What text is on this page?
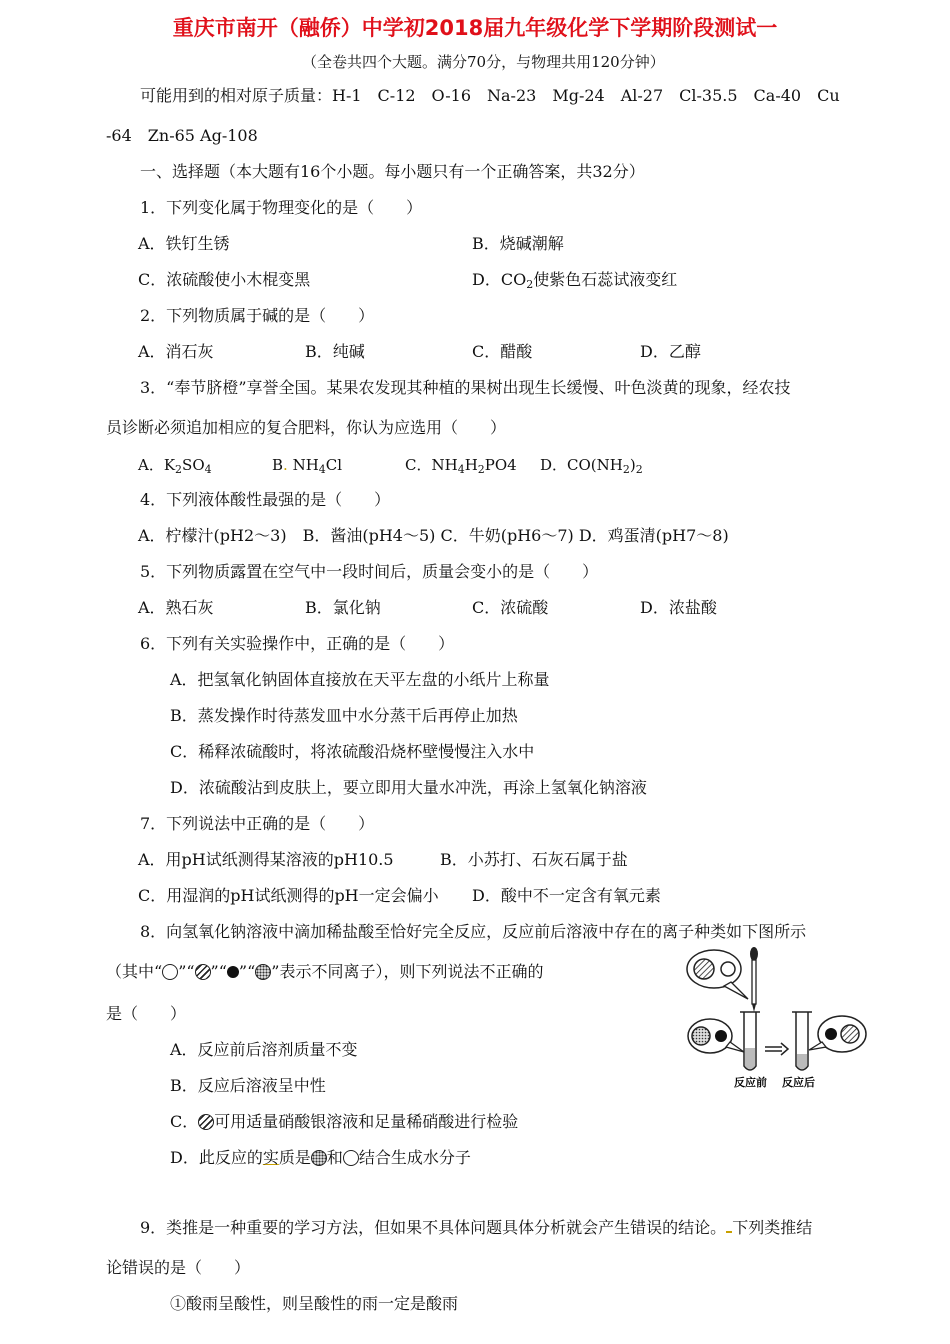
重庆市南开（融侨）中学初2018届九年级化学下学期阶段测试一
（全卷共四个大题。满分70分，与物理共用120分钟）
可能用到的相对原子质量：H-1　C-12　O-16　Na-23　Mg-24　Al-27　Cl-35.5　Ca-40　Cu
-64　Zn-65 Ag-108
一、选择题（本大题有16个小题。每小题只有一个正确答案，共32分）
1．下列变化属于物理变化的是（　　）
A．铁钉生锈	B．烧碱潮解
C．浓硫酸使小木棍变黑	D．$CO_2$使紫色石蕊试液变红
2．下列物质属于碱的是（　　）
A．消石灰	B．纯碱	C．醋酸	D．乙醇
3．“奉节脐橙”享誉全国。某果农发现其种植的果树出现生长缓慢、叶色淡黄的现象，经农技
员诊断必须追加相应的复合肥料，你认为应选用（　　）
A．$K_2SO_4$	B. $NH_4Cl$	C．$NH_4H_2PO4$ D．$CO(NH_2)_2$
4．下列液体酸性最强的是（　　）
A．柠檬汁(pH2～3)　B．酱油(pH4～5) C．牛奶(pH6～7) D．鸡蛋清(pH7～8)
5．下列物质露置在空气中一段时间后，质量会变小的是（　　）
A．熟石灰	B．氯化钠	C．浓硫酸	D．浓盐酸
6．下列有关实验操作中，正确的是（　　）
A．把氢氧化钠固体直接放在天平左盘的小纸片上称量
B．蒸发操作时待蒸发皿中水分蒸干后再停止加热
C．稀释浓硫酸时，将浓硫酸沿烧杯壁慢慢注入水中
D．浓硫酸沾到皮肤上，要立即用大量水冲洗，再涂上氢氧化钠溶液
7．下列说法中正确的是（　　）
A．用pH试纸测得某溶液的pH10.5	B．小苏打、石灰石属于盐
C．用湿润的pH试纸测得的pH一定会偏小 D．酸中不一定含有氧元素
8．向氢氧化钠溶液中滴加稀盐酸至恰好完全反应，反应前后溶液中存在的离子种类如下图所示
（其中“ ”“ ”“ ”“ ”表示不同离子），则下列说法不正确的
是（　　）
A．反应前后溶剂质量不变
B．反应后溶液呈中性
C． 可用适量硝酸银溶液和足量稀硝酸进行检验
D．此反应的实质是 和 结合生成水分子
反应前 反应后
9．类推是一种重要的学习方法，但如果不具体问题具体分析就会产生错误的结论。 下列类推结
论错误的是（　　）
①酸雨呈酸性，则呈酸性的雨一定是酸雨
